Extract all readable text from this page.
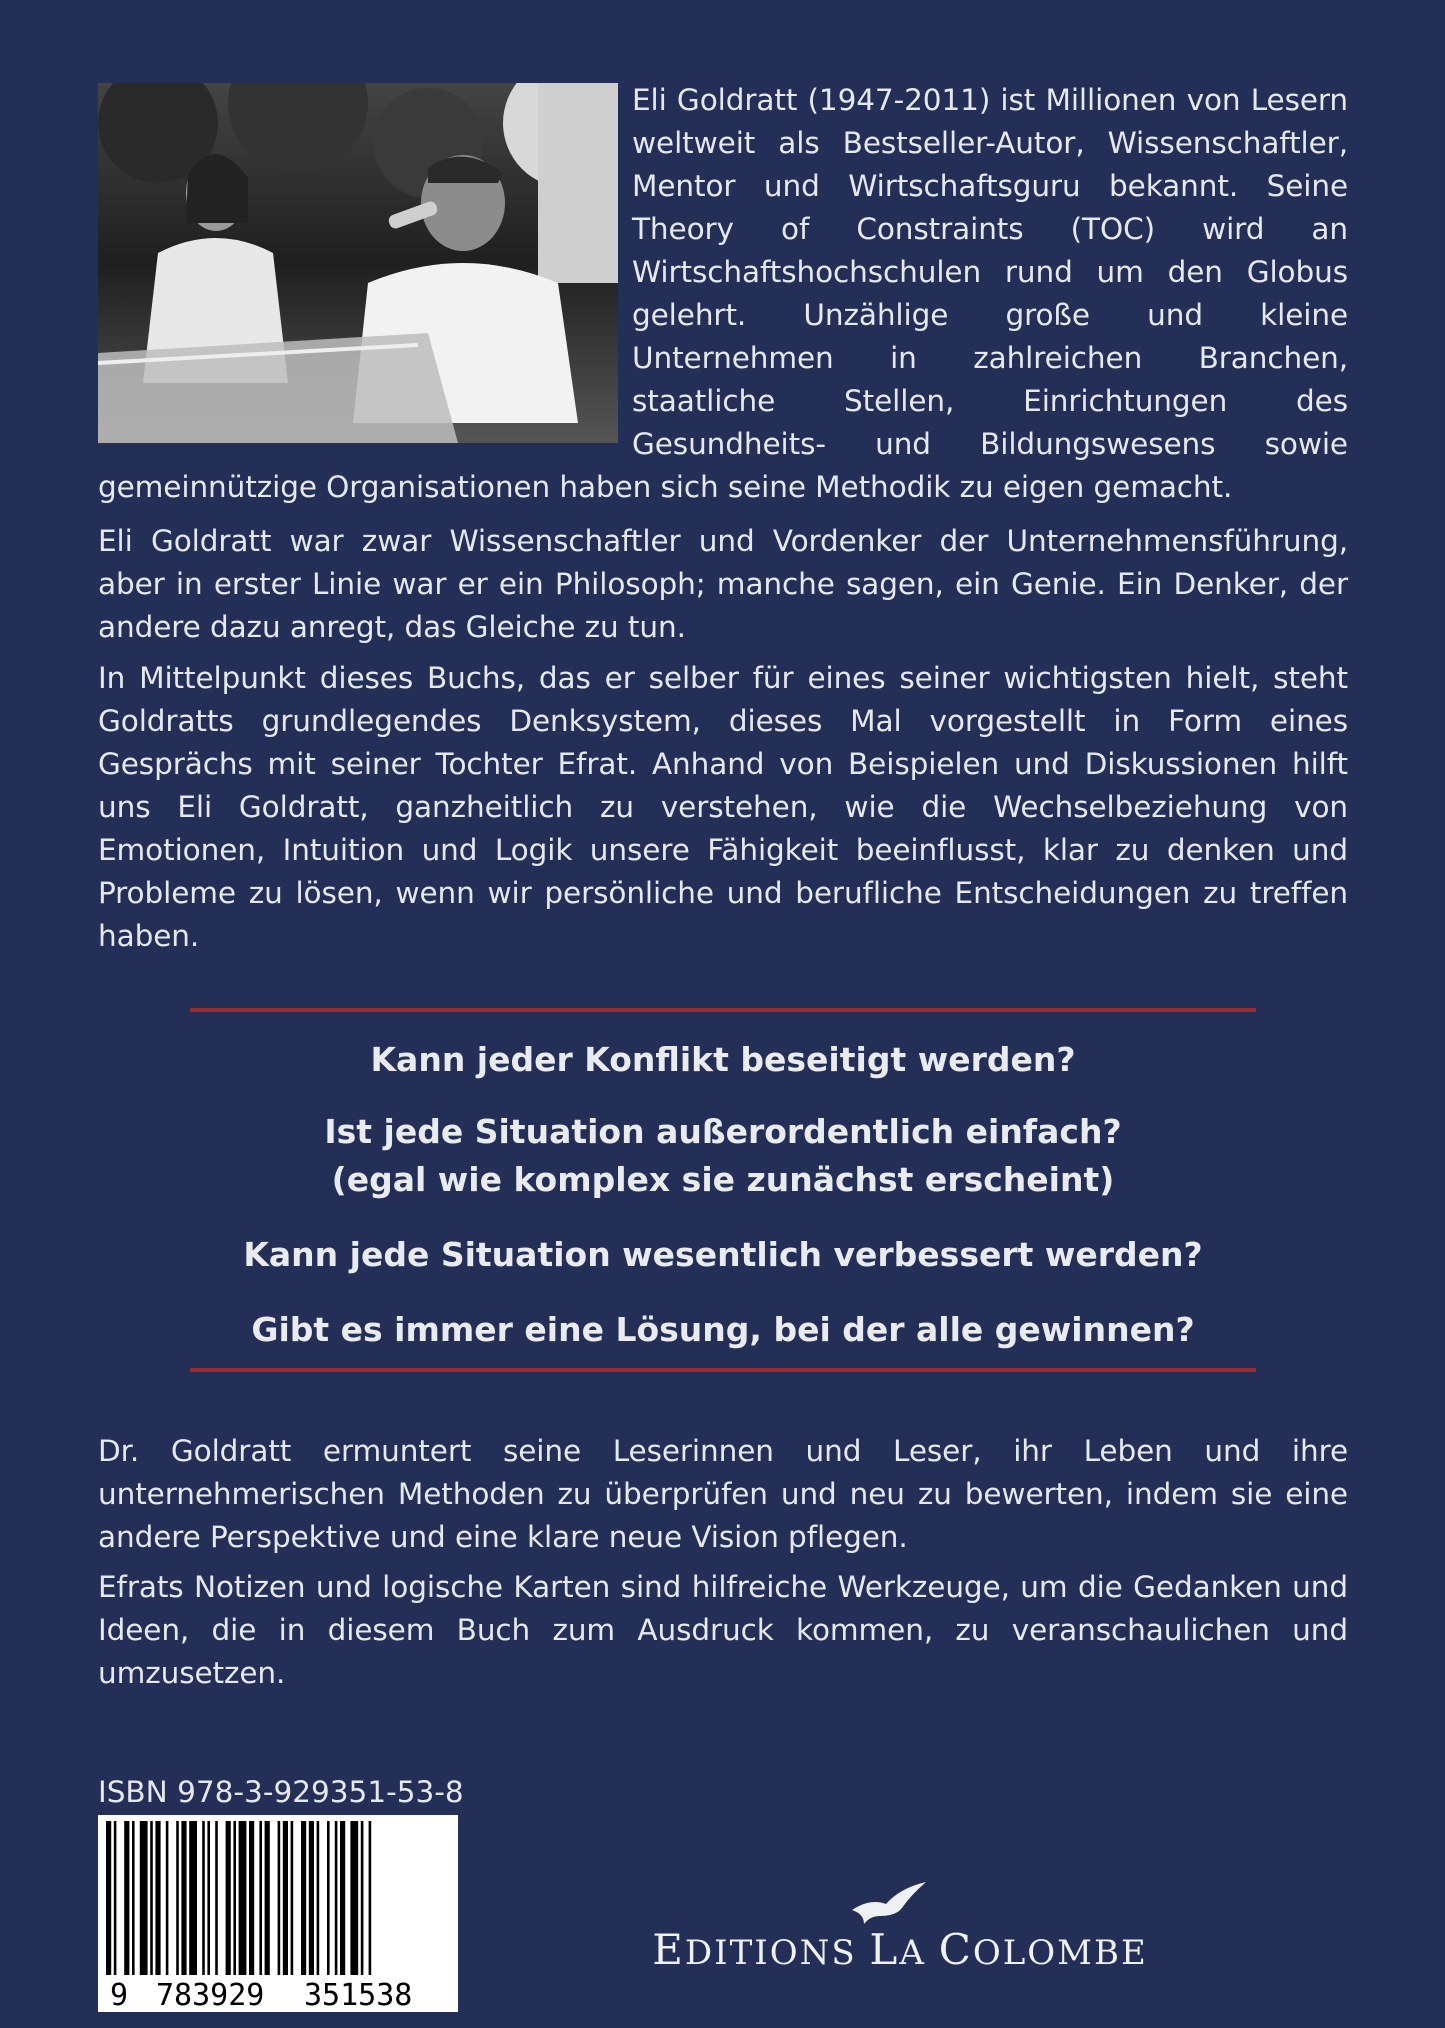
Eli Goldratt (1947-2011) ist Millionen von Lesern weltweit als Bestseller-Autor, Wissenschaftler, Mentor und Wirtschaftsguru bekannt. Seine Theory of Constraints (TOC) wird an Wirtschaftshochschulen rund um den Globus gelehrt. Unzählige große und kleine Unternehmen in zahlreichen Branchen, staatliche Stellen, Einrichtungen des Gesundheits- und Bildungswesens sowie gemeinnützige Organisationen haben sich seine Methodik zu eigen gemacht.

Eli Goldratt war zwar Wissenschaftler und Vordenker der Unternehmensführung, aber in erster Linie war er ein Philosoph; manche sagen, ein Genie. Ein Denker, der andere dazu anregt, das Gleiche zu tun.

In Mittelpunkt dieses Buchs, das er selber für eines seiner wichtigsten hielt, steht Goldratts grundlegendes Denksystem, dieses Mal vorgestellt in Form eines Gesprächs mit seiner Tochter Efrat. Anhand von Beispielen und Diskussionen hilft uns Eli Goldratt, ganzheitlich zu verstehen, wie die Wechselbeziehung von Emotionen, Intuition und Logik unsere Fähigkeit beeinflusst, klar zu denken und Probleme zu lösen, wenn wir persönliche und berufliche Entscheidungen zu treffen haben.

Kann jeder Konflikt beseitigt werden?

Ist jede Situation außerordentlich einfach?

(egal wie komplex sie zunächst erscheint)

Kann jede Situation wesentlich verbessert werden?

Gibt es immer eine Lösung, bei der alle gewinnen?

Dr. Goldratt ermuntert seine Leserinnen und Leser, ihr Leben und ihre unternehmerischen Methoden zu überprüfen und neu zu bewerten, indem sie eine andere Perspektive und eine klare neue Vision pflegen.

Efrats Notizen und logische Karten sind hilfreiche Werkzeuge, um die Gedanken und Ideen, die in diesem Buch zum Ausdruck kommen, zu veranschaulichen und umzusetzen.

ISBN 978-3-929351-53-8
9 783929 351538
EDITIONS LA COLOMBE
